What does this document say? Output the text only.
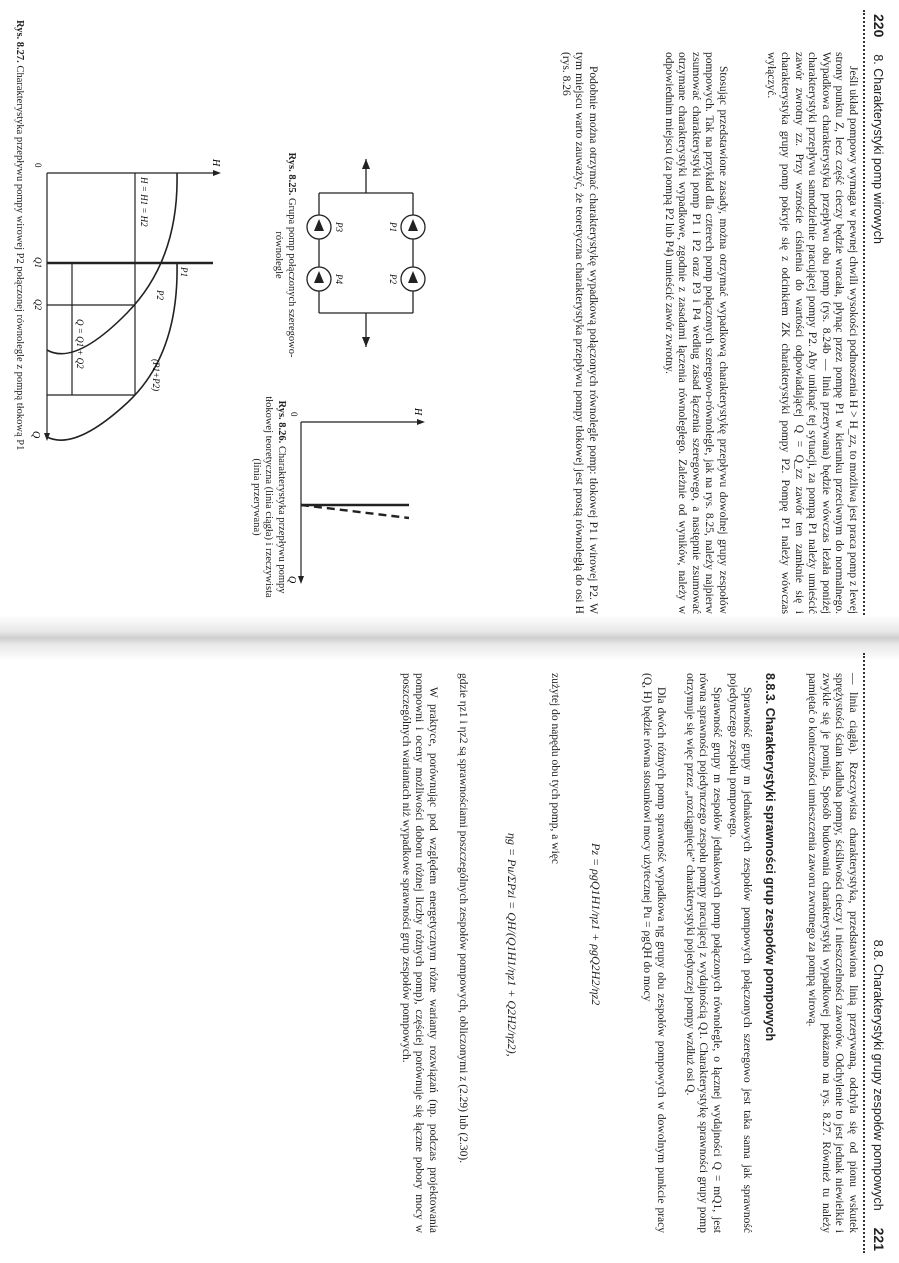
220  8. Charakterystyki pomp wirowych

Jeśli układ pompowy wymaga w pewnej chwili wysokości podnoszenia H > H_zz, to możliwa jest praca pomp z lewej strony punktu Z, lecz część cieczy będzie wracała, płynąc przez pompę P1 w kierunku przeciwnym do normalnego. Wypadkowa charakterystyka przepływu obu pomp (rys. 8.24b — linia przerywana) będzie wówczas leżała poniżej charakterystyki przepływu samodzielnie pracującej pompy P2. Aby uniknąć tej sytuacji, za pompą P1 należy umieścić zawór zwrotny zz. Przy wzroście ciśnienia do wartości odpowiadającej Q = Q_zz zawór ten zamknie się i charakterystyka grupy pomp pokryje się z odcinkiem ZK charakterystyki pompy P2. Pompę P1 należy wówczas wyłączyć.

Stosując przedstawione zasady, można otrzymać wypadkową charakterystykę przepływu dowolnej grupy zespołów pompowych. Tak na przykład dla czterech pomp połączonych szeregowo-równolegle, jak na rys. 8.25, należy najpierw zsumować charakterystyki pomp P1 i P2 oraz P3 i P4 według zasad łączenia szeregowego, a następnie zsumować otrzymane charakterystyki wypadkowe, zgodnie z zasadami łączenia równoległego. Zależnie od wyników, należy w odpowiednim miejscu (za pompą P2 lub P4) umieścić zawór zwrotny.

Podobnie można otrzymać charakterystykę wypadkową połączonych równolegle pomp: tłokowej P1 i wirowej P2. W tym miejscu warto zauważyć, że teoretyczna charakterystyka przepływu pompy tłokowej jest prostą równoległą do osi H (rys. 8.26

P1
P2
P3
P4
Rys. 8.25. Grupa pomp połączonych szeregowo-równolegle
H
Q
0
Rys. 8.26. Charakterystyka przepływu pompy tłokowej teoretyczna (linia ciągła) i rzeczywista (linia przerywana)
H
Q
0
P1
P2
(P1+P2)
H = H1 = H2
Q = Q1 + Q2
Q1
Q2
Rys. 8.27. Charakterystyka przepływu pompy wirowej P2 połączonej równolegle z pompą tłokową P1
8.8. Charakterystyki grupy zespołów pompowych  221

— linia ciągła). Rzeczywista charakterystyka, przedstawiona linią przerywaną, odchyla się od pionu wskutek sprężystości ścian kadłuba pompy, ściśliwości cieczy i nieszczelności zaworów. Odchylenie to jest jednak niewielkie i zwykle się je pomija. Sposób budowania charakterystyki wypadkowej pokazano na rys. 8.27. Również tu należy pamiętać o konieczności umieszczenia zaworu zwrotnego za pompą wirową.

8.8.3. Charakterystyki sprawności grup zespołów pompowych

Sprawność grupy m jednakowych zespołów pompowych połączonych szeregowo jest taka sama jak sprawność pojedynczego zespołu pompowego.

Sprawność grupy m zespołów jednakowych pomp połączonych równolegle, o łącznej wydajności Q = mQ1, jest równa sprawności pojedynczego zespołu pompy pracującej z wydajnością Q1. Charakterystykę sprawności grupy pomp otrzymuje się więc przez „rozciągnięcie” charakterystyki pojedynczej pompy wzdłuż osi Q.

Dla dwóch różnych pomp sprawność wypadkowa ηg grupy obu zespołów pompowych w dowolnym punkcie pracy (Q, H) będzie równa stosunkowi mocy użytecznej Pu = ρgQH do mocy

Pz = ρgQ1H1/ηz1 + ρgQ2H2/ηz2

zużytej do napędu obu tych pomp, a więc

ηg = Pu/ΣPzi = QH/(Q1H1/ηz1 + Q2H2/ηz2),

gdzie ηz1 i ηz2 są sprawnościami poszczególnych zespołów pompowych, obliczonymi z (2.29) lub (2.30).

W praktyce, porównując pod względem energetycznym różne warianty rozwiązań (np. podczas projektowania pompowni i oceny możliwości doboru różnej liczby różnych pomp), częściej porównuje się łączne pobory mocy w poszczególnych wariantach niż wypadkowe sprawności grup zespołów pompowych.
